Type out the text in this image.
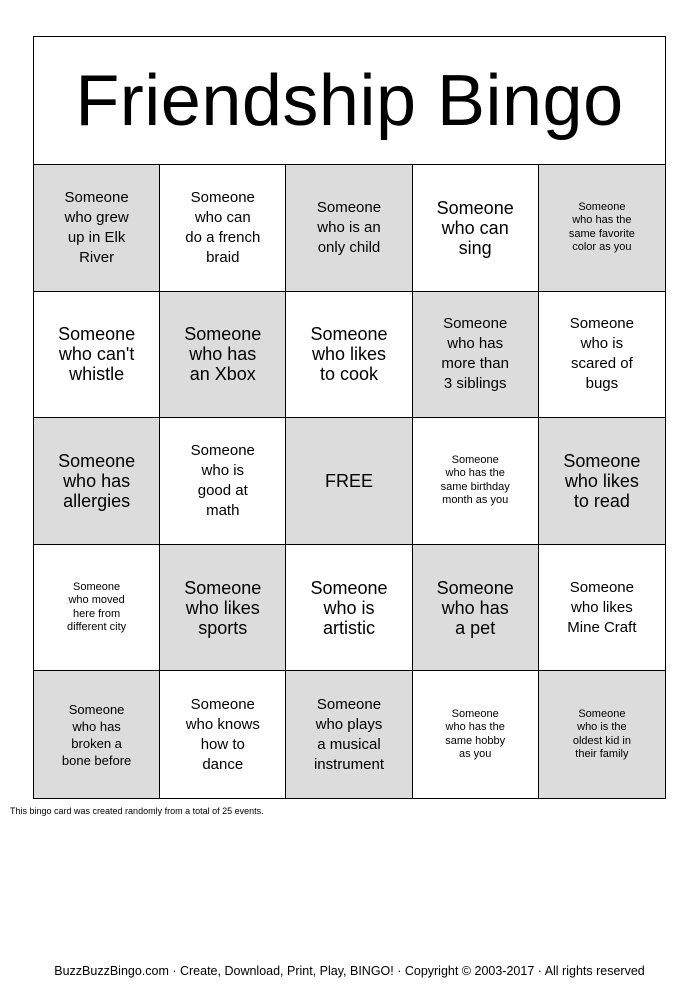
Friendship Bingo
Someone
who grew
up in Elk
River
Someone
who can
do a french
braid
Someone
who is an
only child
Someone
who can
sing
Someone
who has the
same favorite
color as you
Someone
who can't
whistle
Someone
who has
an Xbox
Someone
who likes
to cook
Someone
who has
more than
3 siblings
Someone
who is
scared of
bugs
Someone
who has
allergies
Someone
who is
good at
math
FREE
Someone
who has the
same birthday
month as you
Someone
who likes
to read
Someone
who moved
here from
different city
Someone
who likes
sports
Someone
who is
artistic
Someone
who has
a pet
Someone
who likes
Mine Craft
Someone
who has
broken a
bone before
Someone
who knows
how to
dance
Someone
who plays
a musical
instrument
Someone
who has the
same hobby
as you
Someone
who is the
oldest kid in
their family
This bingo card was created randomly from a total of 25 events.
BuzzBuzzBingo.com · Create, Download, Print, Play, BINGO! · Copyright © 2003-2017 · All rights reserved
